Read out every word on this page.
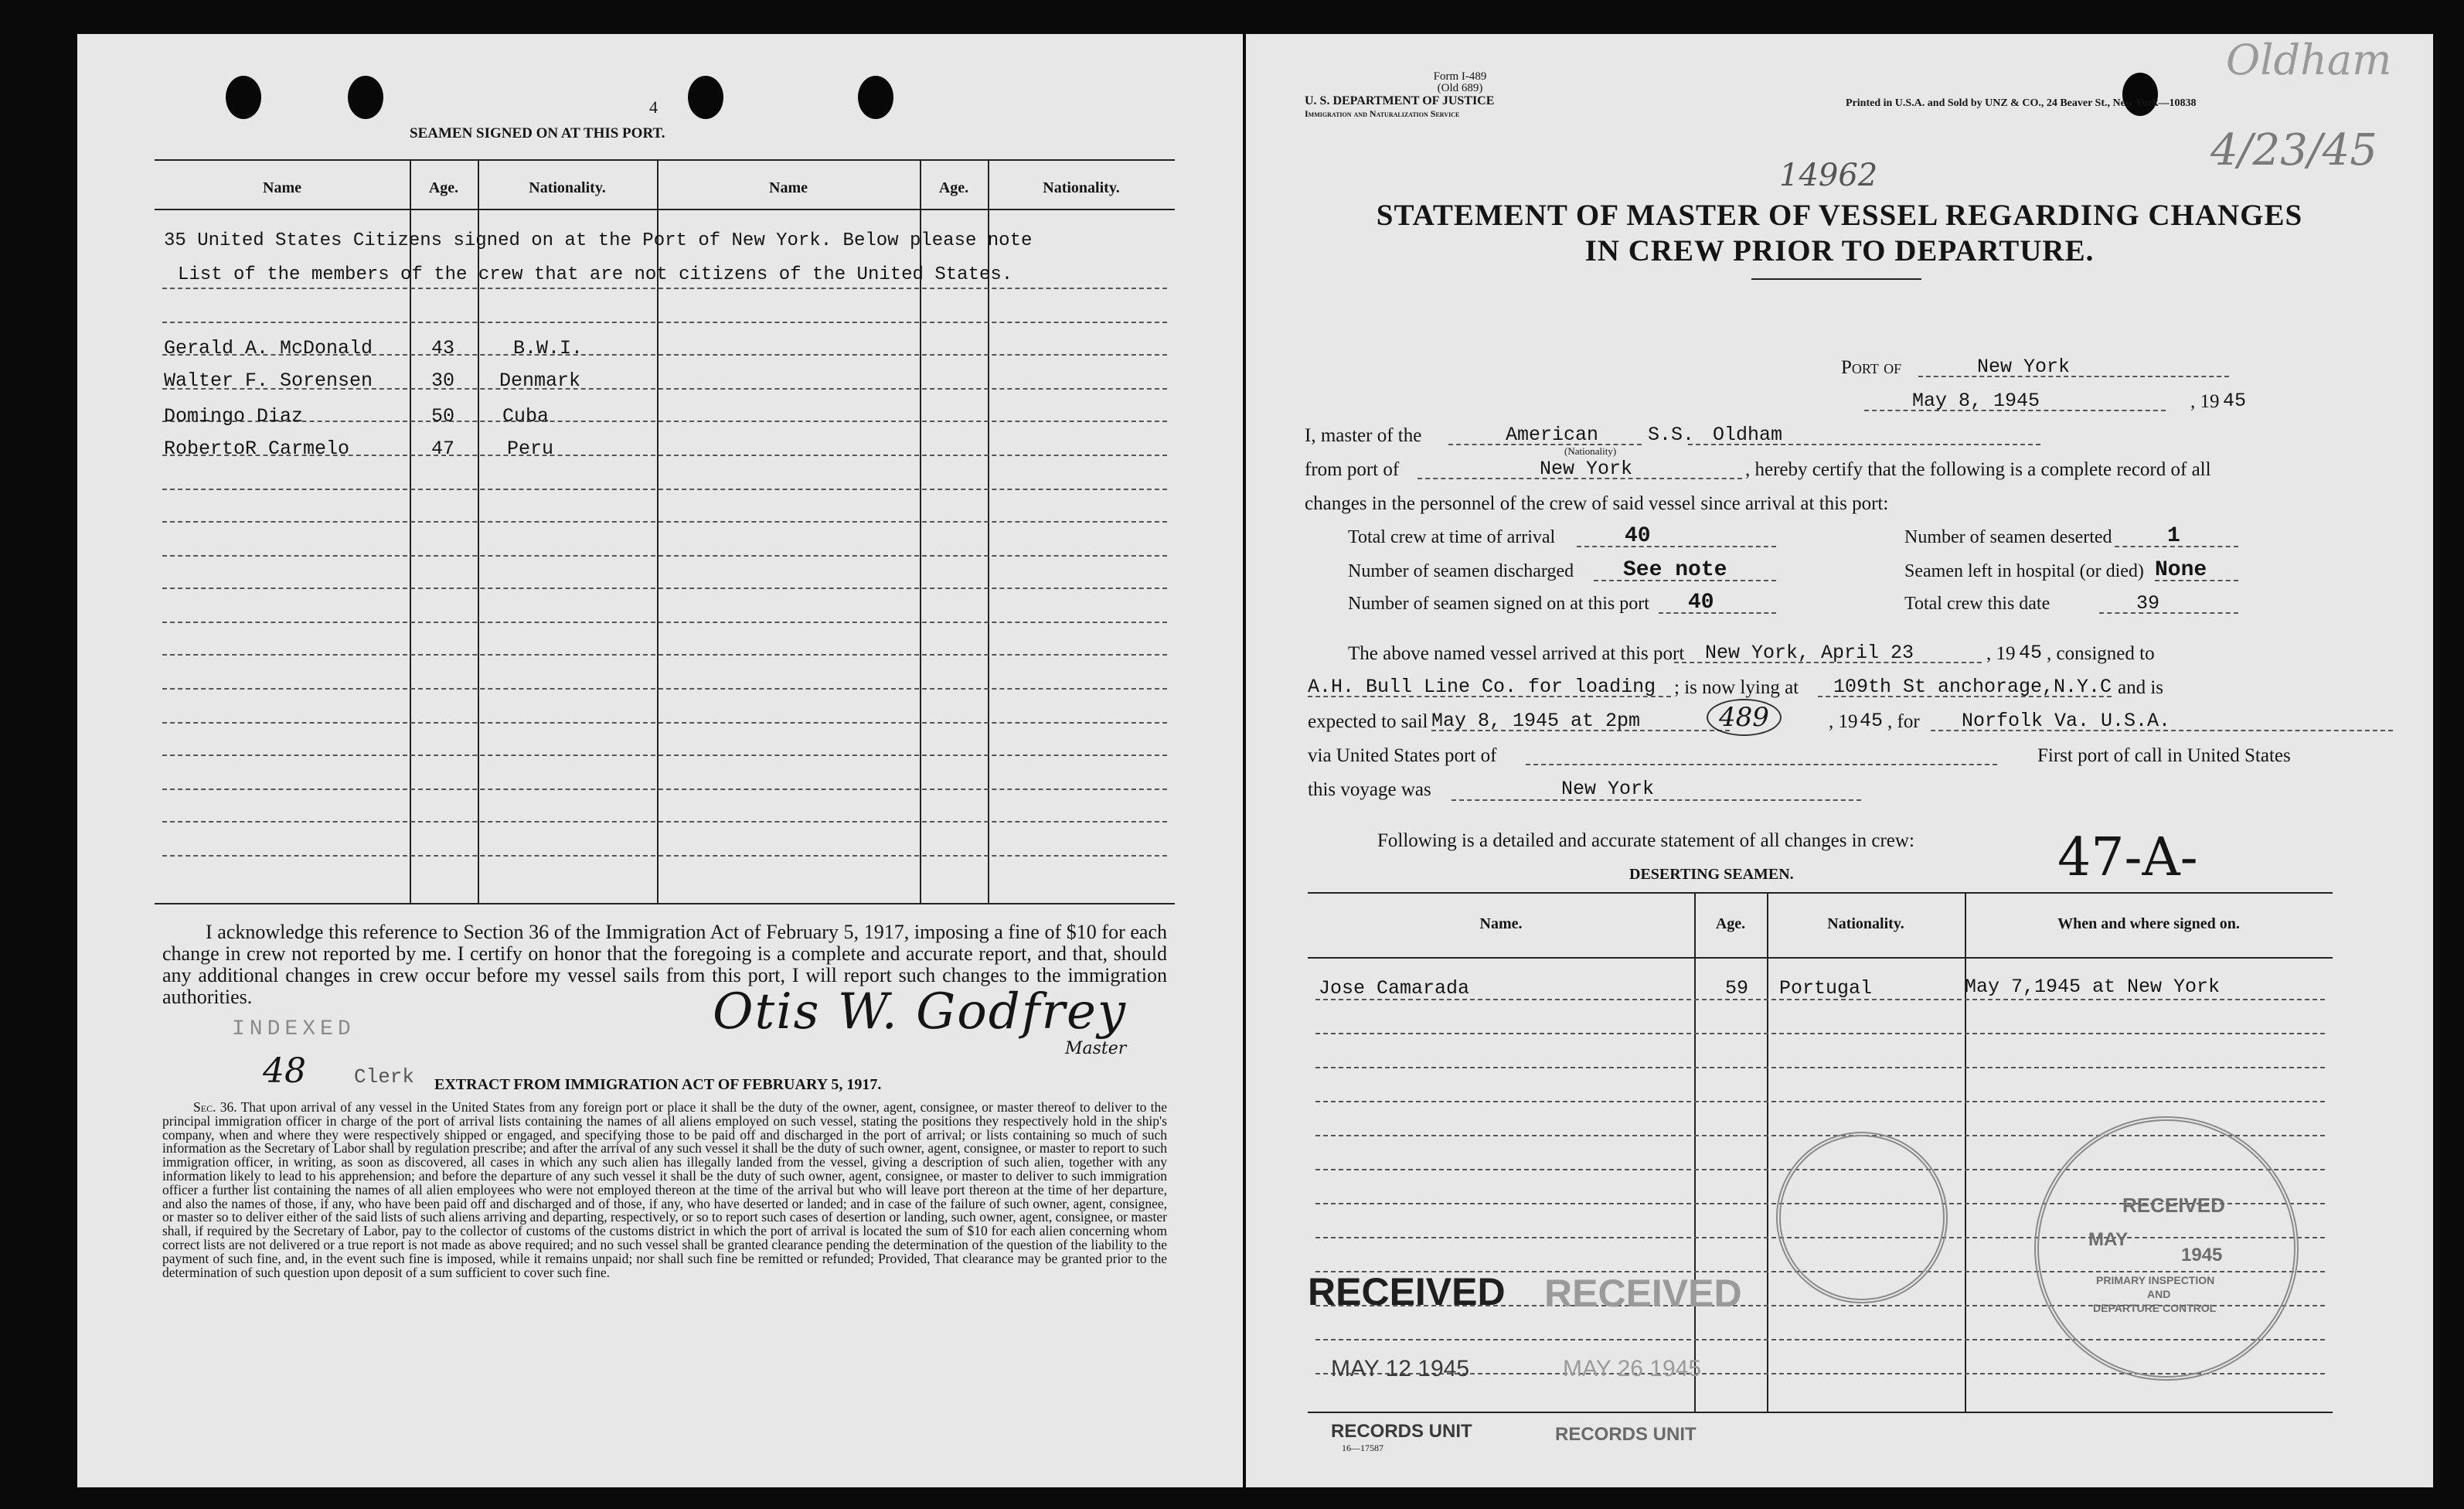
4
SEAMEN SIGNED ON AT THIS PORT.
Name	Age.	Nationality.	Name	Age.	Nationality.
35 United States Citizens signed on at the Port of New York. Below please note
List of the members of the crew that are not citizens of the United States.
Gerald A. McDonald	43	B.W.I.
Walter F. Sorensen	30 Denmark
Domingo Diaz	50 Cuba
RobertoR Carmelo	47	Peru
I acknowledge this reference to Section 36 of the Immigration Act of February 5, 1917, imposing a fine of $10 for each change in crew not reported by me. I certify on honor that the foregoing is a complete and accurate report, and that, should any additional changes in crew occur before my vessel sails from this port, I will report such changes to the immigration authorities.
INDEXED
48 Clerk
Otis W. Godfrey
Master
EXTRACT FROM IMMIGRATION ACT OF FEBRUARY 5, 1917.
Sec. 36. That upon arrival of any vessel in the United States from any foreign port or place it shall be the duty of the owner, agent, consignee, or master thereof to deliver to the principal immigration officer in charge of the port of arrival lists containing the names of all aliens employed on such vessel, stating the positions they respectively hold in the ship's company, when and where they were respectively shipped or engaged, and specifying those to be paid off and discharged in the port of arrival; or lists containing so much of such information as the Secretary of Labor shall by regulation prescribe; and after the arrival of any such vessel it shall be the duty of such owner, agent, consignee, or master to report to such immigration officer, in writing, as soon as discovered, all cases in which any such alien has illegally landed from the vessel, giving a description of such alien, together with any information likely to lead to his apprehension; and before the departure of any such vessel it shall be the duty of such owner, agent, consignee, or master to deliver to such immigration officer a further list containing the names of all alien employees who were not employed thereon at the time of the arrival but who will leave port thereon at the time of her departure, and also the names of those, if any, who have been paid off and discharged and of those, if any, who have deserted or landed; and in case of the failure of such owner, agent, consignee, or master so to deliver either of the said lists of such aliens arriving and departing, respectively, or so to report such cases of desertion or landing, such owner, agent, consignee, or master shall, if required by the Secretary of Labor, pay to the collector of customs of the customs district in which the port of arrival is located the sum of $10 for each alien concerning whom correct lists are not delivered or a true report is not made as above required; and no such vessel shall be granted clearance pending the determination of the question of the liability to the payment of such fine, and, in the event such fine is imposed, while it remains unpaid; nor shall such fine be remitted or refunded; Provided, That clearance may be granted prior to the determination of such question upon deposit of a sum sufficient to cover such fine.
Form I-489
(Old 689)
U. S. DEPARTMENT OF JUSTICE
Immigration and Naturalization Service
Printed in U.S.A. and Sold by UNZ & CO., 24 Beaver St., New York—10838
Oldham
4/23/45
14962
STATEMENT OF MASTER OF VESSEL REGARDING CHANGES
IN CREW PRIOR TO DEPARTURE.
Port of	New York
May 8, 1945	, 19 45
I, master of the	American
(Nationality)
S.S. Oldham
from port of	New York	, hereby certify that the following is a complete record of all
changes in the personnel of the crew of said vessel since arrival at this port:
Total crew at time of arrival	40	Number of seamen deserted	1
Number of seamen discharged See note	Seamen left in hospital (or died) None
Number of seamen signed on at this port 40	Total crew this date	39
The above named vessel arrived at this port New York, April 23	, 19 45 , consigned to
A.H. Bull Line Co. for loading ; is now lying at 109th St anchorage,N.Y.C and is
expected to sail May 8, 1945 at 2pm	489	, 19 45 , for Norfolk Va. U.S.A.
via United States port of	First port of call in United States
this voyage was	New York
Following is a detailed and accurate statement of all changes in crew:
DESERTING SEAMEN.	47-A-
Name.	Age.	Nationality.	When and where signed on.
Jose Camarada	59 Portugal	May 7,1945 at New York
RECEIVED
MAY
1945
PRIMARY INSPECTION
AND
DEPARTURE CONTROL
RECEIVED RECEIVED
MAY 12 1945	MAY 26 1945
RECORDS UNIT	RECORDS UNIT
16—17587
